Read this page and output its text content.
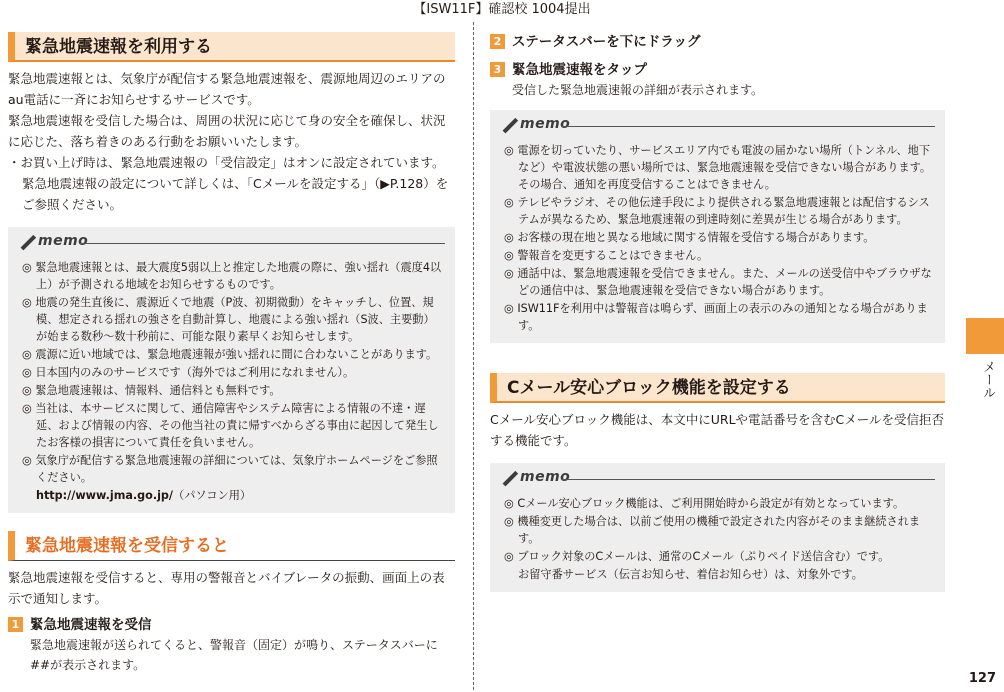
【ISW11F】確認校 1004提出
緊急地震速報を利用する

緊急地震速報とは、気象庁が配信する緊急地震速報を、震源地周辺のエリアのau電話に一斉にお知らせするサービスです。

緊急地震速報を受信した場合は、周囲の状況に応じて身の安全を確保し、状況に応じた、落ち着きのある行動をお願いいたします。

・お買い上げ時は、緊急地震速報の「受信設定」はオンに設定されています。緊急地震速報の設定について詳しくは、「Cメールを設定する」（▶P.128）をご参照ください。
memo
◎ 緊急地震速報とは、最大震度5弱以上と推定した地震の際に、強い揺れ（震度4以上）が予測される地域をお知らせするものです。
◎ 地震の発生直後に、震源近くで地震（P波、初期微動）をキャッチし、位置、規模、想定される揺れの強さを自動計算し、地震による強い揺れ（S波、主要動）が始まる数秒～数十秒前に、可能な限り素早くお知らせします。
◎ 震源に近い地域では、緊急地震速報が強い揺れに間に合わないことがあります。
◎ 日本国内のみのサービスです（海外ではご利用になれません）。
◎ 緊急地震速報は、情報料、通信料とも無料です。
◎ 当社は、本サービスに関して、通信障害やシステム障害による情報の不達・遅延、および情報の内容、その他当社の責に帰すべからざる事由に起因して発生したお客様の損害について責任を負いません。
◎ 気象庁が配信する緊急地震速報の詳細については、気象庁ホームページをご参照ください。
http://www.jma.go.jp/（パソコン用）
緊急地震速報を受信すると

緊急地震速報を受信すると、専用の警報音とバイブレータの振動、画面上の表示で通知します。

1 緊急地震速報を受信
緊急地震速報が送られてくると、警報音（固定）が鳴り、ステータスバーに##が表示されます。
2 ステータスバーを下にドラッグ
3 緊急地震速報をタップ
受信した緊急地震速報の詳細が表示されます。
memo
◎ 電源を切っていたり、サービスエリア内でも電波の届かない場所（トンネル、地下など）や電波状態の悪い場所では、緊急地震速報を受信できない場合があります。その場合、通知を再度受信することはできません。
◎ テレビやラジオ、その他伝達手段により提供される緊急地震速報とは配信するシステムが異なるため、緊急地震速報の到達時刻に差異が生じる場合があります。
◎ お客様の現在地と異なる地域に関する情報を受信する場合があります。
◎ 警報音を変更することはできません。
◎ 通話中は、緊急地震速報を受信できません。また、メールの送受信中やブラウザなどの通信中は、緊急地震速報を受信できない場合があります。
◎ ISW11Fを利用中は警報音は鳴らず、画面上の表示のみの通知となる場合があります。
Cメール安心ブロック機能を設定する

Cメール安心ブロック機能は、本文中にURLや電話番号を含むCメールを受信拒否する機能です。

memo
◎ Cメール安心ブロック機能は、ご利用開始時から設定が有効となっています。
◎ 機種変更した場合は、以前ご使用の機種で設定された内容がそのまま継続されます。
◎ ブロック対象のCメールは、通常のCメール（ぷりペイド送信含む）です。
お留守番サービス（伝言お知らせ、着信お知らせ）は、対象外です。
メール
127
